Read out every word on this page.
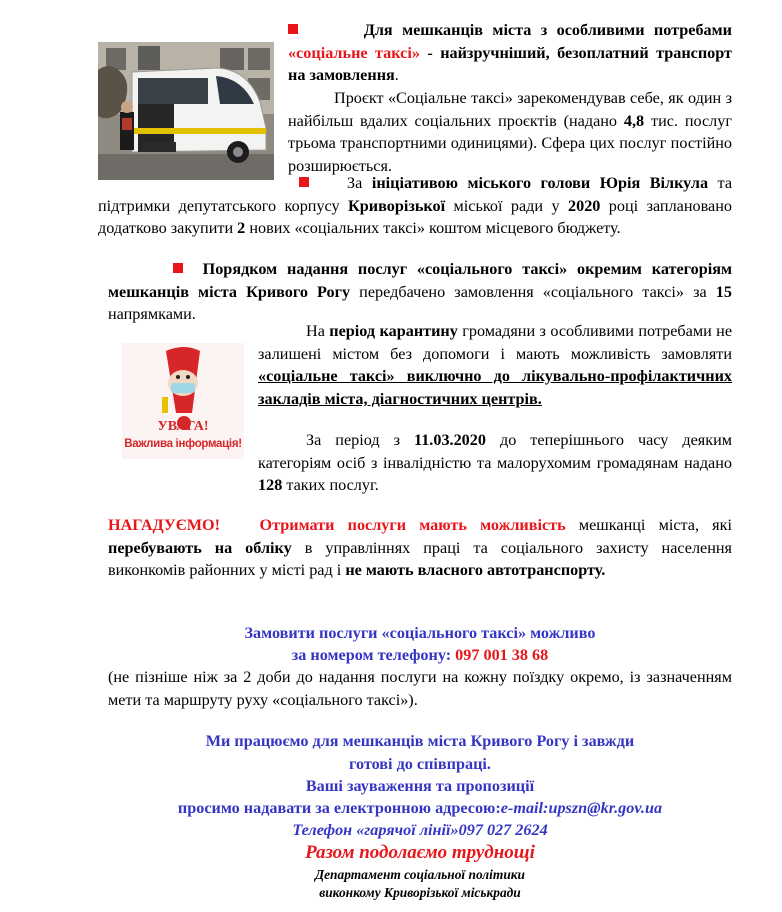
Для мешканців міста з особливими потребами «соціальне таксі» - найзручніший, безоплатний транспорт на замовлення.

Проєкт «Соціальне таксі» зарекомендував себе, як один з найбільш вдалих соціальних проєктів (надано 4,8 тис. послуг трьома транспортними одиницями). Сфера цих послуг постійно розширюється.

За ініціативою міського голови Юрія Вілкула та підтримки депутатського корпусу Криворізької міської ради у 2020 році заплановано додатково закупити 2 нових «соціальних таксі» коштом місцевого бюджету.

Порядком надання послуг «соціального таксі» окремим категоріям мешканців міста Кривого Рогу передбачено замовлення «соціального таксі» за 15 напрямками.

УВАГА!
Важлива інформація!

На період карантину громадяни з особливими потребами не залишені містом без допомоги і мають можливість замовляти «соціальне таксі» виключно до лікувально-профілактичних закладів міста, діагностичних центрів.

За період з 11.03.2020 до теперішнього часу деяким категоріям осіб з інвалідністю та малорухомим громадянам надано 128 таких послуг.

НАГАДУЄМО! Отримати послуги мають можливість мешканці міста, які перебувають на обліку в управліннях праці та соціального захисту населення виконкомів районних у місті рад і не мають власного автотранспорту.

Замовити послуги «соціального таксі» можливо
за номером телефону: 097 001 38 68

(не пізніше ніж за 2 доби до надання послуги на кожну поїздку окремо, із зазначенням мети та маршруту руху «соціального таксі»).

Ми працюємо для мешканців міста Кривого Рогу і завжди
готові до співпраці.
Ваші зауваження та пропозиції
просимо надавати за електронною адресою:e-mail:upszn@kr.gov.ua
Телефон «гарячої лінії»097 027 2624
Разом подолаємо труднощі
Департамент соціальної політики
виконкому Криворізької міськради
